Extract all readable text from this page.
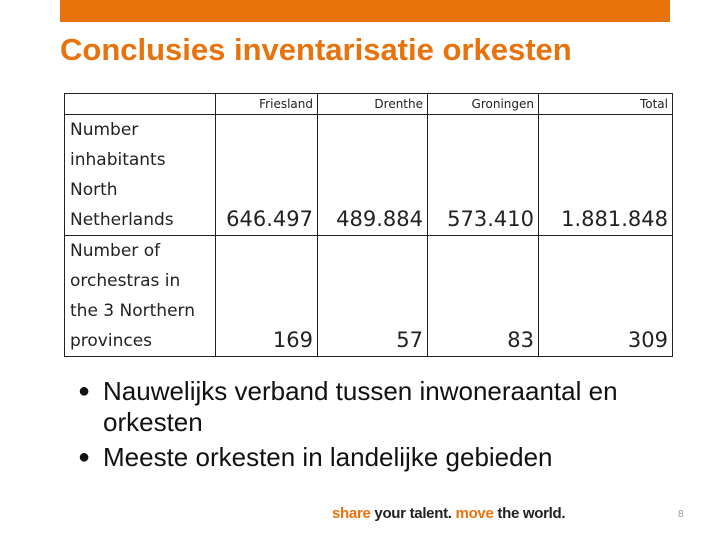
Conclusies inventarisatie orkesten
	Friesland	Drenthe	Groningen	Total

Number
inhabitants
North
Netherlands	646.497	489.884	573.410	1.881.848

Number of
orchestras in
the 3 Northern
provinces	169	57	83	309
● Nauwelijks verband tussen inwoneraantal en orkesten
● Meeste orkesten in landelijke gebieden
share your talent. move the world.	8
